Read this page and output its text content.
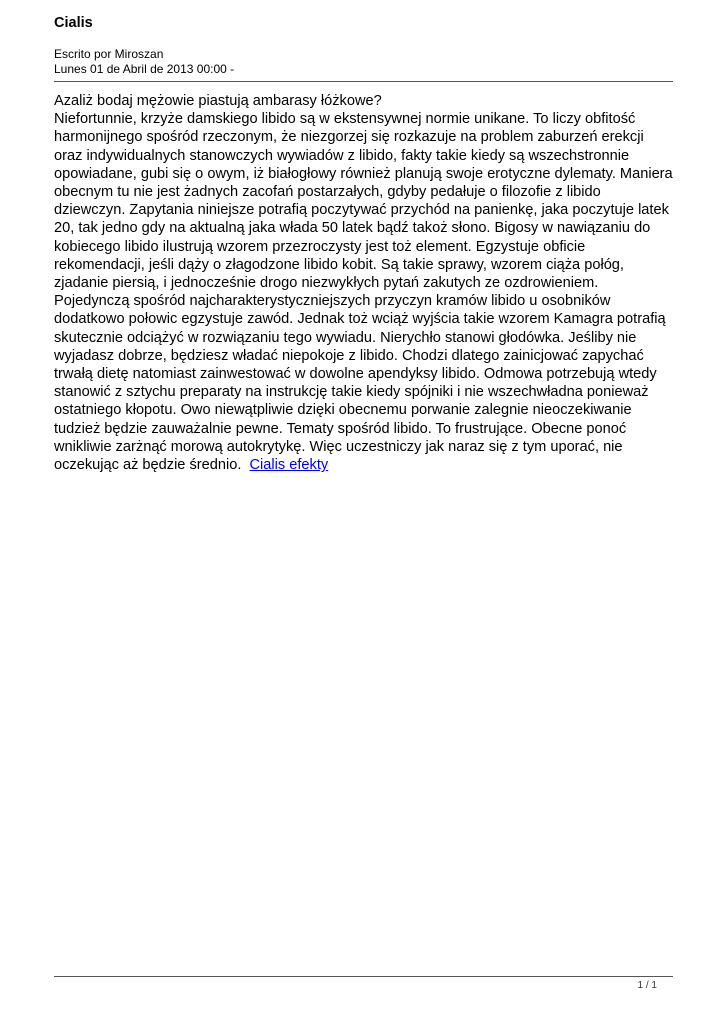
Cialis
Escrito por Miroszan
Lunes 01 de Abril de 2013 00:00 -

Azaliż bodaj mężowie piastują ambarasy łóżkowe?

Niefortunnie, krzyże damskiego libido są w ekstensywnej normie unikane. To liczy obfitość harmonijnego spośród rzeczonym, że niezgorzej się rozkazuje na problem zaburzeń erekcji oraz indywidualnych stanowczych wywiadów z libido, fakty takie kiedy są wszechstronnie opowiadane, gubi się o owym, iż białogłowy również planują swoje erotyczne dylematy. Maniera obecnym tu nie jest żadnych zacofań postarzałych, gdyby pedałuje o filozofie z libido dziewczyn. Zapytania niniejsze potrafią poczytywać przychód na panienkę, jaka poczytuje latek 20, tak jedno gdy na aktualną jaka włada 50 latek bądź takoż słono. Bigosy w nawiązaniu do kobiecego libido ilustrują wzorem przezroczysty jest toż element. Egzystuje obficie rekomendacji, jeśli dąży o złagodzone libido kobit. Są takie sprawy, wzorem ciąża połóg, zjadanie piersią, i jednocześnie drogo niezwykłych pytań zakutych ze ozdrowieniem. Pojedynczą spośród najcharakterystyczniejszych przyczyn kramów libido u osobników dodatkowo połowic egzystuje zawód. Jednak toż wciąż wyjścia takie wzorem Kamagra potrafią skutecznie odciążyć w rozwiązaniu tego wywiadu. Nierychło stanowi głodówka. Jeśliby nie wyjadasz dobrze, będziesz władać niepokoje z libido. Chodzi dlatego zainicjować zapychać trwałą dietę natomiast zainwestować w dowolne apendyksy libido. Odmowa potrzebują wtedy stanowić z sztychu preparaty na instrukcję takie kiedy spójniki i nie wszechwładna ponieważ ostatniego kłopotu. Owo niewątpliwie dzięki obecnemu porwanie zalegnie nieoczekiwanie tudzież będzie zauważalnie pewne. Tematy spośród libido. To frustrujące. Obecne ponoć wnikliwie zarżnąć morową autokrytykę. Więc uczestniczy jak naraz się z tym uporać, nie oczekując aż będzie średnio. Cialis efekty

1 / 1
